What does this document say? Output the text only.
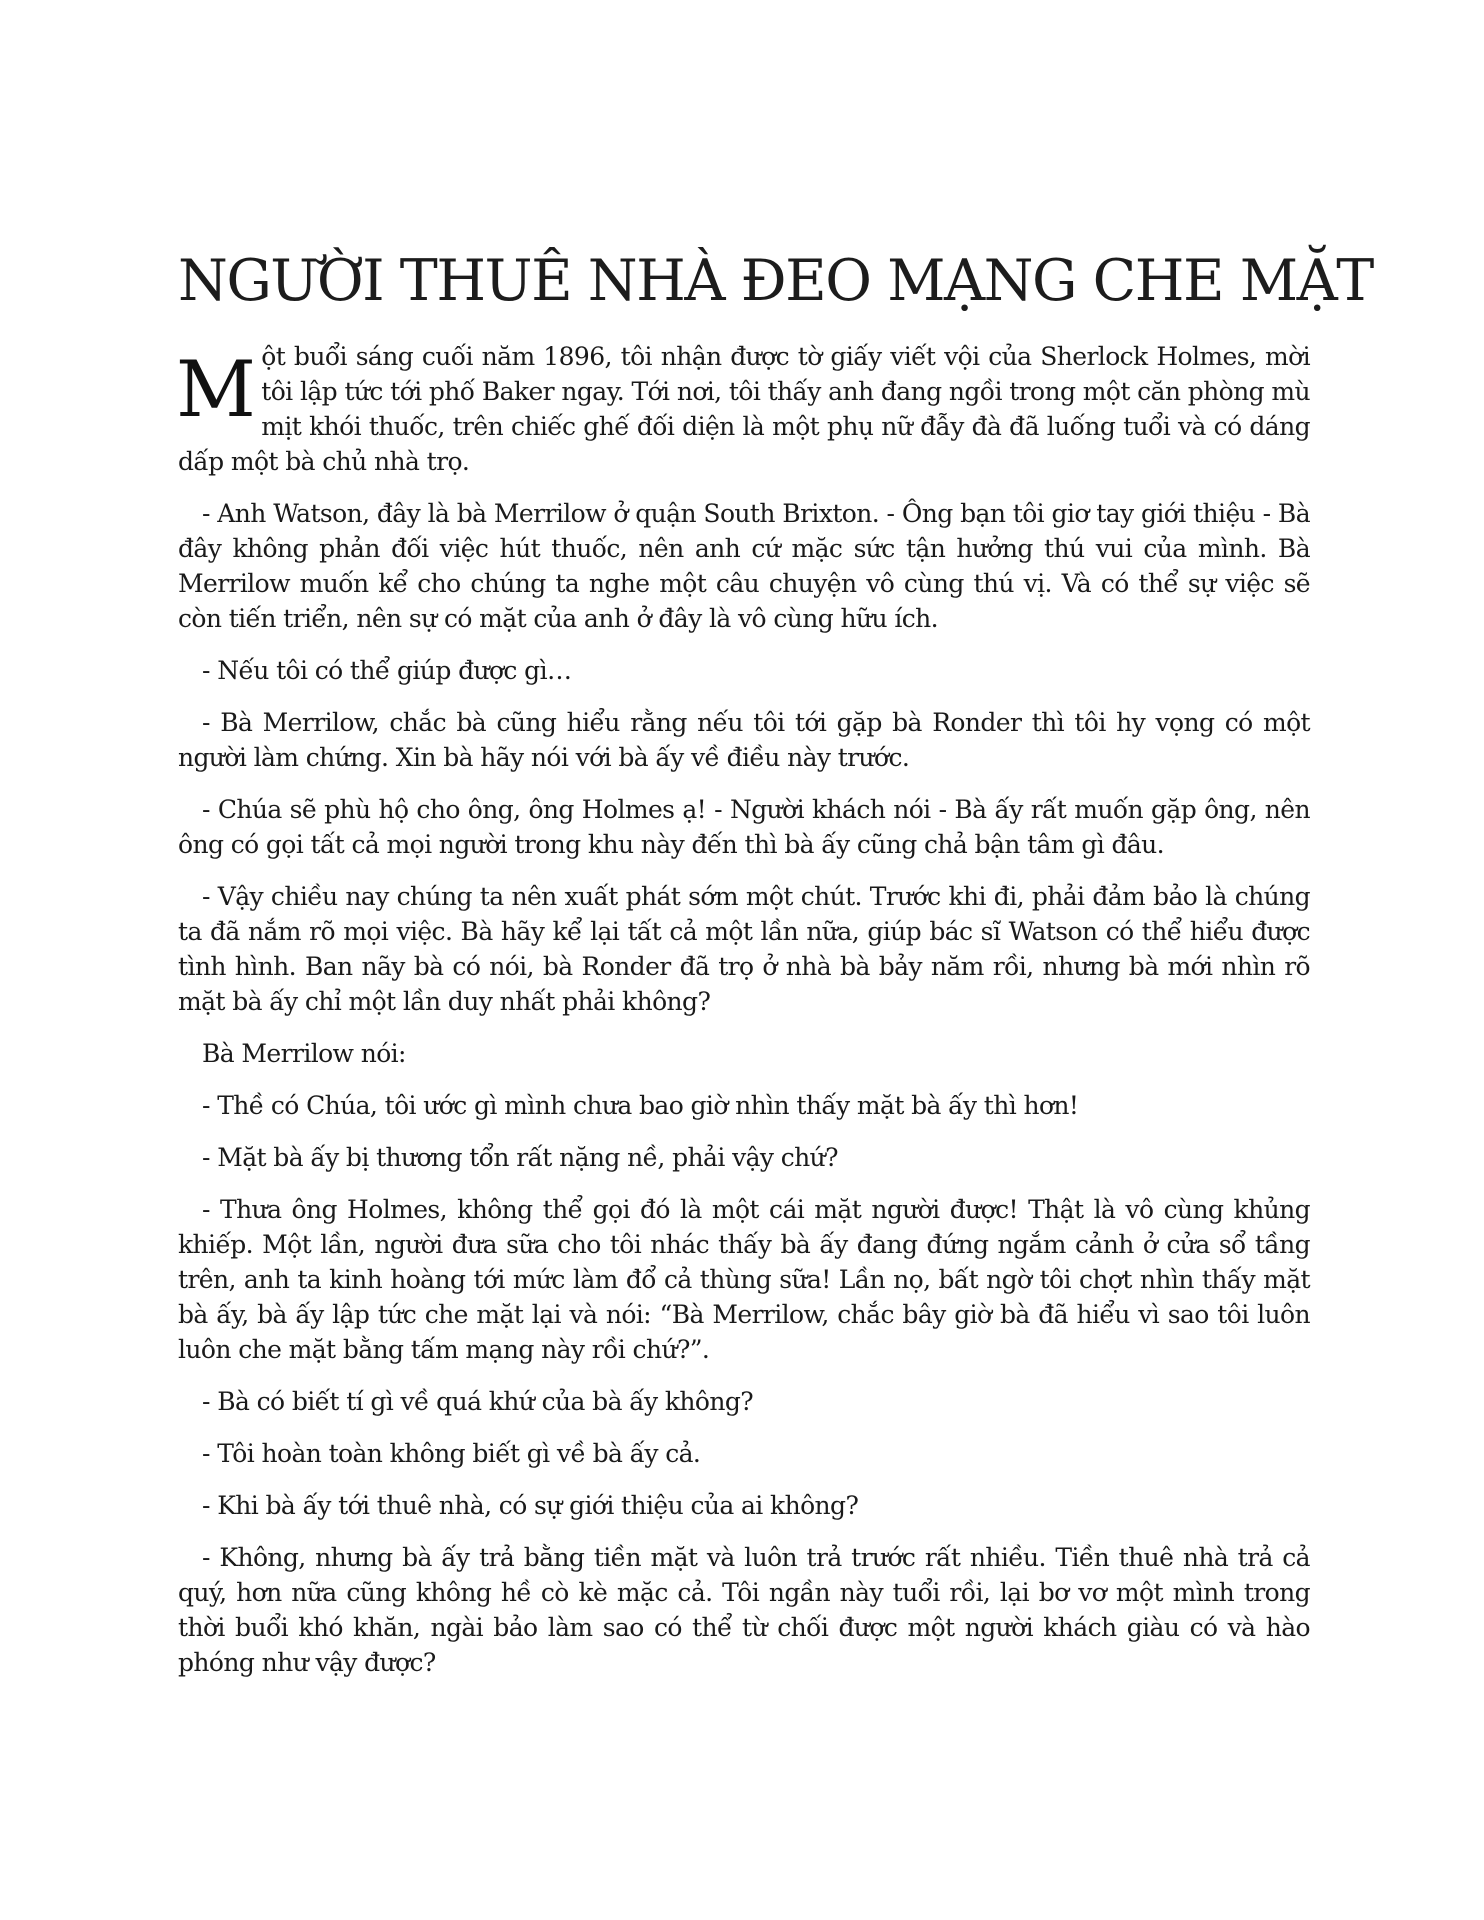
NGƯỜI THUÊ NHÀ ĐEO MẠNG CHE MẶT

Một buổi sáng cuối năm 1896, tôi nhận được tờ giấy viết vội của Sherlock Holmes, mời tôi lập tức tới phố Baker ngay. Tới nơi, tôi thấy anh đang ngồi trong một căn phòng mù mịt khói thuốc, trên chiếc ghế đối diện là một phụ nữ đẫy đà đã luống tuổi và có dáng dấp một bà chủ nhà trọ.

- Anh Watson, đây là bà Merrilow ở quận South Brixton. - Ông bạn tôi giơ tay giới thiệu - Bà đây không phản đối việc hút thuốc, nên anh cứ mặc sức tận hưởng thú vui của mình. Bà Merrilow muốn kể cho chúng ta nghe một câu chuyện vô cùng thú vị. Và có thể sự việc sẽ còn tiến triển, nên sự có mặt của anh ở đây là vô cùng hữu ích.

- Nếu tôi có thể giúp được gì…

- Bà Merrilow, chắc bà cũng hiểu rằng nếu tôi tới gặp bà Ronder thì tôi hy vọng có một người làm chứng. Xin bà hãy nói với bà ấy về điều này trước.

- Chúa sẽ phù hộ cho ông, ông Holmes ạ! - Người khách nói - Bà ấy rất muốn gặp ông, nên ông có gọi tất cả mọi người trong khu này đến thì bà ấy cũng chả bận tâm gì đâu.

- Vậy chiều nay chúng ta nên xuất phát sớm một chút. Trước khi đi, phải đảm bảo là chúng ta đã nắm rõ mọi việc. Bà hãy kể lại tất cả một lần nữa, giúp bác sĩ Watson có thể hiểu được tình hình. Ban nãy bà có nói, bà Ronder đã trọ ở nhà bà bảy năm rồi, nhưng bà mới nhìn rõ mặt bà ấy chỉ một lần duy nhất phải không?

Bà Merrilow nói:

- Thề có Chúa, tôi ước gì mình chưa bao giờ nhìn thấy mặt bà ấy thì hơn!

- Mặt bà ấy bị thương tổn rất nặng nề, phải vậy chứ?

- Thưa ông Holmes, không thể gọi đó là một cái mặt người được! Thật là vô cùng khủng khiếp. Một lần, người đưa sữa cho tôi nhác thấy bà ấy đang đứng ngắm cảnh ở cửa sổ tầng trên, anh ta kinh hoàng tới mức làm đổ cả thùng sữa! Lần nọ, bất ngờ tôi chợt nhìn thấy mặt bà ấy, bà ấy lập tức che mặt lại và nói: “Bà Merrilow, chắc bây giờ bà đã hiểu vì sao tôi luôn luôn che mặt bằng tấm mạng này rồi chứ?”.

- Bà có biết tí gì về quá khứ của bà ấy không?

- Tôi hoàn toàn không biết gì về bà ấy cả.

- Khi bà ấy tới thuê nhà, có sự giới thiệu của ai không?

- Không, nhưng bà ấy trả bằng tiền mặt và luôn trả trước rất nhiều. Tiền thuê nhà trả cả quý, hơn nữa cũng không hề cò kè mặc cả. Tôi ngần này tuổi rồi, lại bơ vơ một mình trong thời buổi khó khăn, ngài bảo làm sao có thể từ chối được một người khách giàu có và hào phóng như vậy được?
